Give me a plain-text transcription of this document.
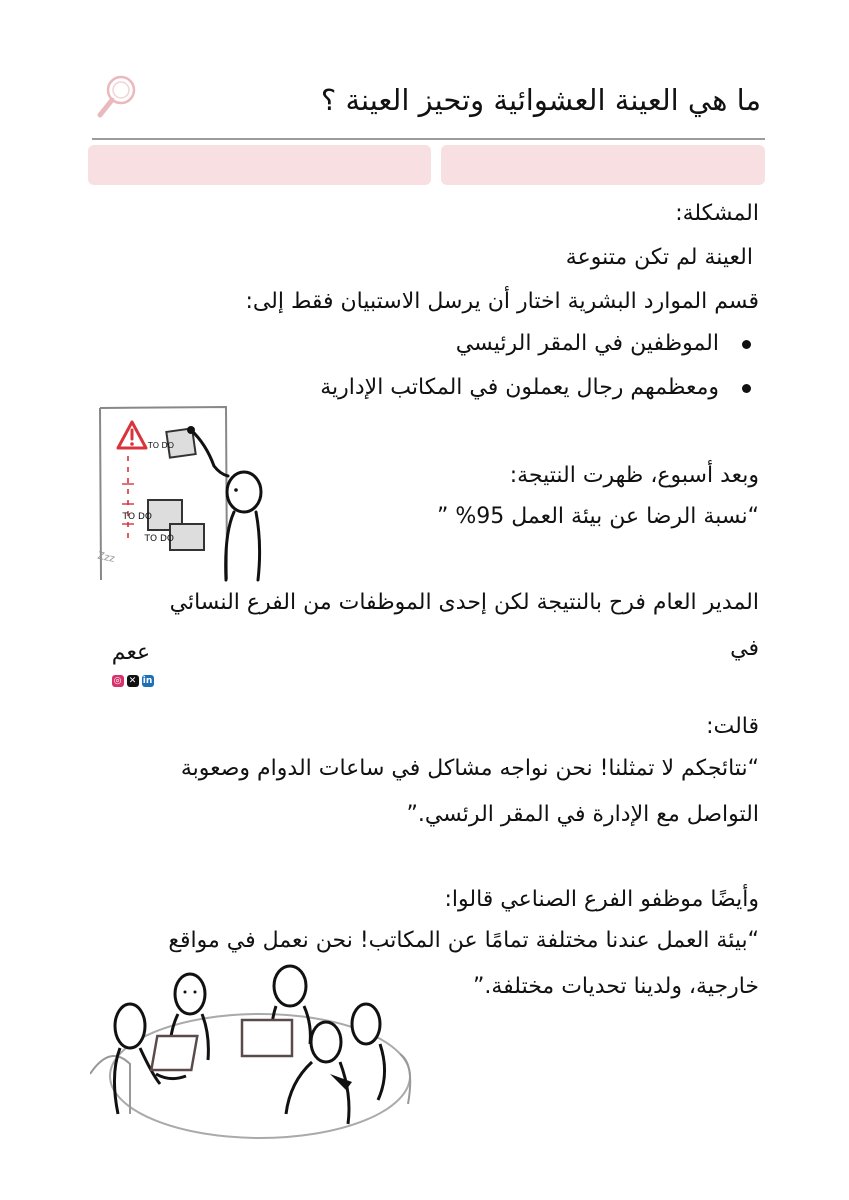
ما هي العينة العشوائية وتحيز العينة ؟
المشكلة:
العينة لم تكن متنوعة
قسم الموارد البشرية اختار أن يرسل الاستبيان فقط إلى:
الموظفين في المقر الرئيسي
ومعظمهم رجال يعملون في المكاتب الإدارية
Zzz
TO DO
TO DO
TO DO
وبعد أسبوع، ظهرت النتيجة:
“نسبة الرضا عن بيئة العمل 95% ”
المدير العام فرح بالنتيجة لكن إحدى الموظفات من الفرع النسائي
في
ععم
◎ ✕ in
قالت:
“نتائجكم لا تمثلنا! نحن نواجه مشاكل في ساعات الدوام وصعوبة
التواصل مع الإدارة في المقر الرئسي.”
وأيضًا موظفو الفرع الصناعي قالوا:
“بيئة العمل عندنا مختلفة تمامًا عن المكاتب! نحن نعمل في مواقع
خارجية، ولدينا تحديات مختلفة.”
